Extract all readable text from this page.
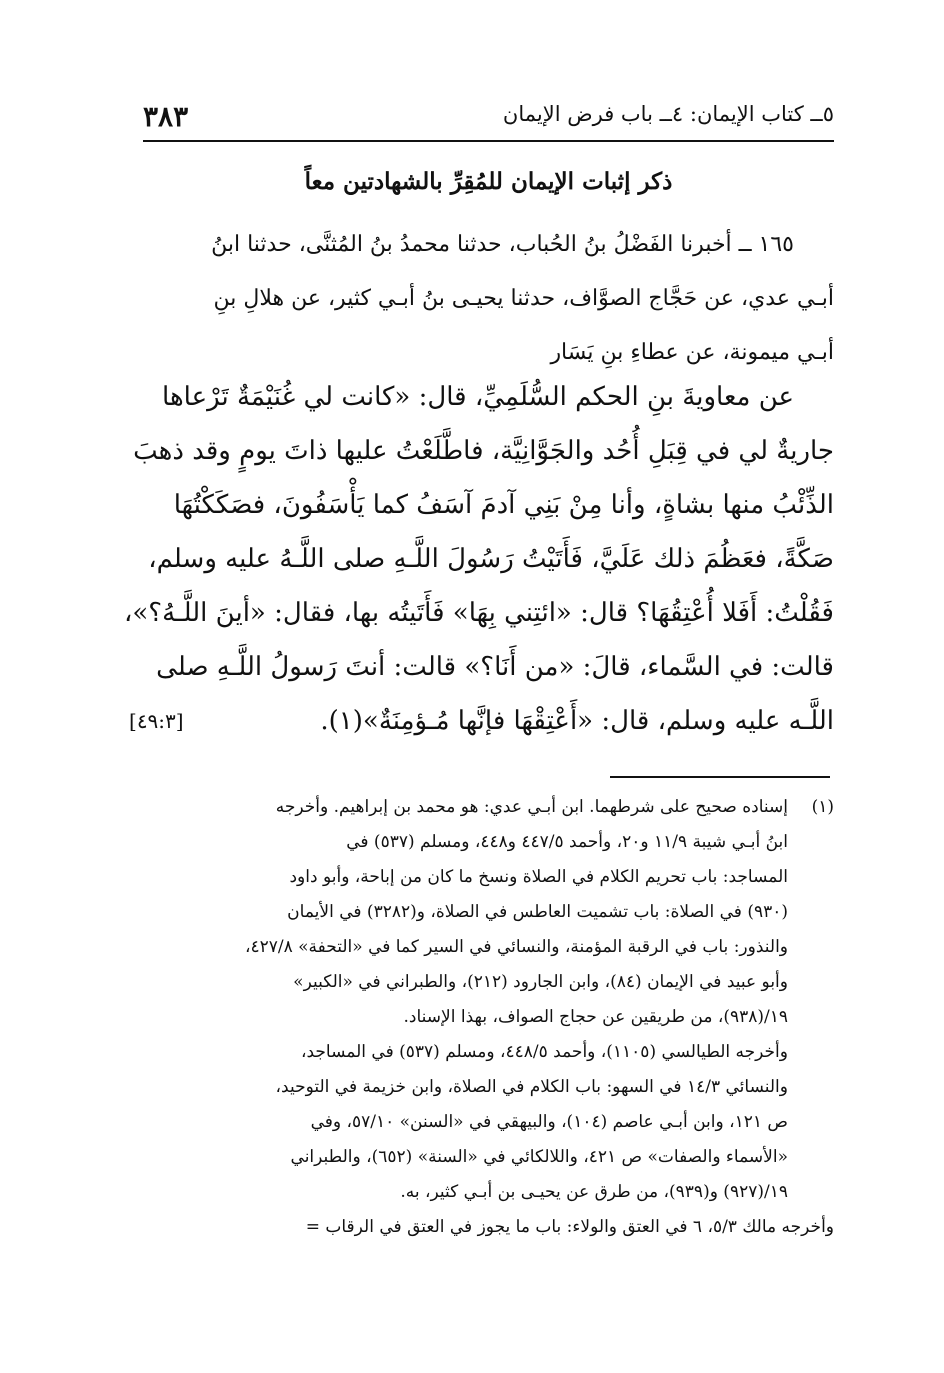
٥ــ كتاب الإيمان: ٤ــ باب فرض الإيمان
٣٨٣
ذكر إثبات الإيمان للمُقِرِّ بالشهادتين معاً

١٦٥ ــ أخبرنا الفَضْلُ بنُ الحُباب، حدثنا محمدُ بنُ المُثنَّى، حدثنا ابنُ

أبـي عدي، عن حَجَّاج الصوَّاف، حدثنا يحيـى بنُ أبـي كثير، عن هلالِ بنِ

أبـي ميمونة، عن عطاءِ بنِ يَسَار

عن معاويةَ بنِ الحكم السُّلَمِيِّ، قال: «كانت لي غُنَيْمَةٌ تَرْعاها

جاريةٌ لي في قِبَلِ أُحُد والجَوَّانِيَّة، فاطَّلَعْتُ عليها ذاتَ يومٍ وقد ذهبَ

الذِّئْبُ منها بشاةٍ، وأنا مِنْ بَنِي آدمَ آسَفُ كما يَأْسَفُونَ، فصَكَكْتُهَا

صَكَّةً، فعَظُمَ ذلك عَلَيَّ، فَأَتَيْتُ رَسُولَ اللَّـهِ صلى اللَّـهُ عليه وسلم،

فَقُلْتُ: أَفَلا أُعْتِقُهَا؟ قال: «ائتِني بِهَا» فَأَتَيتُه بها، فقال: «أينَ اللَّـهُ؟»،

قالت: في السَّماء، قالَ: «من أَنَا؟» قالت: أنتَ رَسولُ اللَّـهِ صلى

[٤٩:٣]	اللَّـه عليه وسلم، قال: «أَعْتِقْهَا فإنَّها مُـؤمِنَةٌ»(١).

(١)إسناده صحيح على شرطهما. ابن أبـي عدي: هو محمد بن إبراهيم. وأخرجه

ابنُ أبـي شيبة ١١/٩ و٢٠، وأحمد ٤٤٧/٥ و٤٤٨، ومسلم (٥٣٧) في

المساجد: باب تحريم الكلام في الصلاة ونسخ ما كان من إباحة، وأبو داود

(٩٣٠) في الصلاة: باب تشميت العاطس في الصلاة، و(٣٢٨٢) في الأيمان

والنذور: باب في الرقبة المؤمنة، والنسائي في السير كما في «التحفة» ٤٢٧/٨،

وأبو عبيد في الإيمان (٨٤)، وابن الجارود (٢١٢)، والطبراني في «الكبير»

١٩/(٩٣٨)، من طريقين عن حجاج الصواف، بهذا الإسناد.

وأخرجه الطيالسي (١١٠٥)، وأحمد ٤٤٨/٥، ومسلم (٥٣٧) في المساجد،

والنسائي ١٤/٣ في السهو: باب الكلام في الصلاة، وابن خزيمة في التوحيد،

ص ١٢١، وابن أبـي عاصم (١٠٤)، والبيهقي في «السنن» ٥٧/١٠، وفي

«الأسماء والصفات» ص ٤٢١، واللالكائي في «السنة» (٦٥٢)، والطبراني

١٩/(٩٢٧) و(٩٣٩)، من طرق عن يحيـى بن أبـي كثير، به.

وأخرجه مالك ٥/٣، ٦ في العتق والولاء: باب ما يجوز في العتق في الرقاب =
